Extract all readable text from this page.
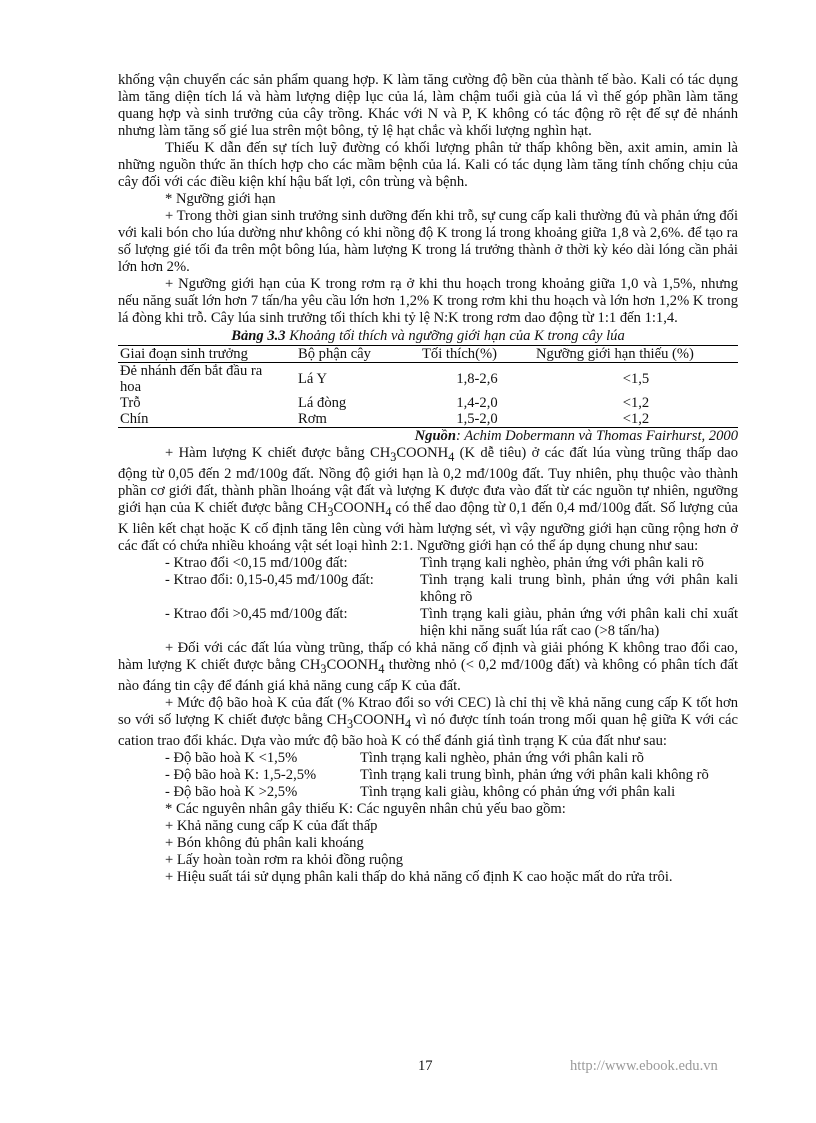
khống vận chuyển các sản phẩm quang hợp. K làm tăng cường độ bền của thành tế bào. Kali có tác dụng làm tăng diện tích lá và hàm lượng diệp lục của lá, làm chậm tuổi già của lá vì thế góp phần làm tăng quang hợp và sinh trưởng của cây trồng. Khác với N và P, K không có tác động rõ rệt đế sự đẻ nhánh nhưng làm tăng số gié lua strên một bông, tỷ lệ hạt chắc và khối lượng nghìn hạt.

Thiếu K dẫn đến sự tích luỹ đường có khối lượng phân tử thấp không bền, axit amin, amin là những nguồn thức ăn thích hợp cho các mầm bệnh của lá. Kali có tác dụng làm tăng tính chống chịu của cây đối với các điều kiện khí hậu bất lợi, côn trùng và bệnh.

* Ngưỡng giới hạn

+ Trong thời gian sinh trưởng sinh dưỡng đến khi trỗ, sự cung cấp kali thường đủ và phản ứng đối với kali bón cho lúa dường như không có khi nồng độ K trong lá trong khoảng giữa 1,8 và 2,6%. để tạo ra số lượng gié tối đa trên một bông lúa, hàm lượng K trong lá trưởng thành ở thời kỳ kéo dài lóng cần phải lớn hơn 2%.

+ Ngưỡng giới hạn của K trong rơm rạ ở khi thu hoạch trong khoảng giữa 1,0 và 1,5%, nhưng nếu năng suất lớn hơn 7 tấn/ha yêu cầu lớn hơn 1,2% K trong rơm khi thu hoạch và lớn hơn 1,2% K trong lá đòng khi trỗ. Cây lúa sinh trưởng tối thích khi tỷ lệ N:K trong rơm dao động từ 1:1 đến 1:1,4.

Bảng 3.3 Khoảng tối thích và ngưỡng giới hạn của K trong cây lúa

Giai đoạn sinh trưởng	Bộ phận cây	Tối thích(%)	Ngưỡng giới hạn thiếu (%)
Đẻ nhánh đến bắt đầu ra hoa	Lá Y	1,8-2,6	<1,5
Trỗ	Lá đòng	1,4-2,0	<1,2
Chín	Rơm	1,5-2,0	<1,2

Nguồn: Achim Dobermann và Thomas Fairhurst, 2000

+ Hàm lượng K chiết được bằng $CH_3COONH_4$ (K dễ tiêu) ở các đất lúa vùng trũng thấp dao động từ 0,05 đến 2 mđ/100g đất. Nồng độ giới hạn là 0,2 mđ/100g đất. Tuy nhiên, phụ thuộc vào thành phần cơ giới đất, thành phần lhoáng vật đất và lượng K được đưa vào đất từ các nguồn tự nhiên, ngưỡng giới hạn của K chiết được bằng $CH_3COONH_4$ có thể dao động từ 0,1 đến 0,4 mđ/100g đất. Số lượng của K liên kết chạt hoặc K cố định tăng lên cùng với hàm lượng sét, vì vậy ngưỡng giới hạn cũng rộng hơn ở các đất có chứa nhiều khoáng vật sét loại hình 2:1. Ngưỡng giới hạn có thể áp dụng chung như sau:

- Ktrao đổi <0,15 mđ/100g đất:	Tình trạng kali nghèo, phản ứng với phân kali rõ
- Ktrao đổi: 0,15-0,45 mđ/100g đất:	Tình trạng kali trung bình, phản ứng với phân kali không rõ
- Ktrao đổi >0,45 mđ/100g đất:	Tình trạng kali giàu, phản ứng với phân kali chỉ xuất hiện khi năng suất lúa rất cao (>8 tấn/ha)

+ Đối với các đất lúa vùng trũng, thấp có khả năng cố định và giải phóng K không trao đổi cao, hàm lượng K chiết được bằng $CH_3COONH_4$ thường nhỏ (< 0,2 mđ/100g đất) và không có phân tích đất nào đáng tin cậy để đánh giá khả năng cung cấp K của đất.

+ Mức độ bão hoà K của đất (% Ktrao đổi so với CEC) là chỉ thị về khả năng cung cấp K tốt hơn so với số lượng K chiết được bằng $CH_3COONH_4$ vì nó được tính toán trong mối quan hệ giữa K với các cation trao đổi khác. Dựa vào mức độ bão hoà K có thể đánh giá tình trạng K của đất như sau:

- Độ bão hoà K <1,5%	Tình trạng kali nghèo, phản ứng với phân kali rõ
- Độ bão hoà K: 1,5-2,5%	Tình trạng kali trung bình, phản ứng với phân kali không rõ
- Độ bão hoà K >2,5%	Tình trạng kali giàu, không có phản ứng với phân kali

* Các nguyên nhân gây thiếu K: Các nguyên nhân chủ yếu bao gồm:

+ Khả năng cung cấp K của đất thấp

+ Bón không đủ phân kali khoáng

+ Lấy hoàn toàn rơm ra khỏi đồng ruộng

+ Hiệu suất tái sử dụng phân kali thấp do khả năng cố định K cao hoặc mất do rửa trôi.

17	http://www.ebook.edu.vn
